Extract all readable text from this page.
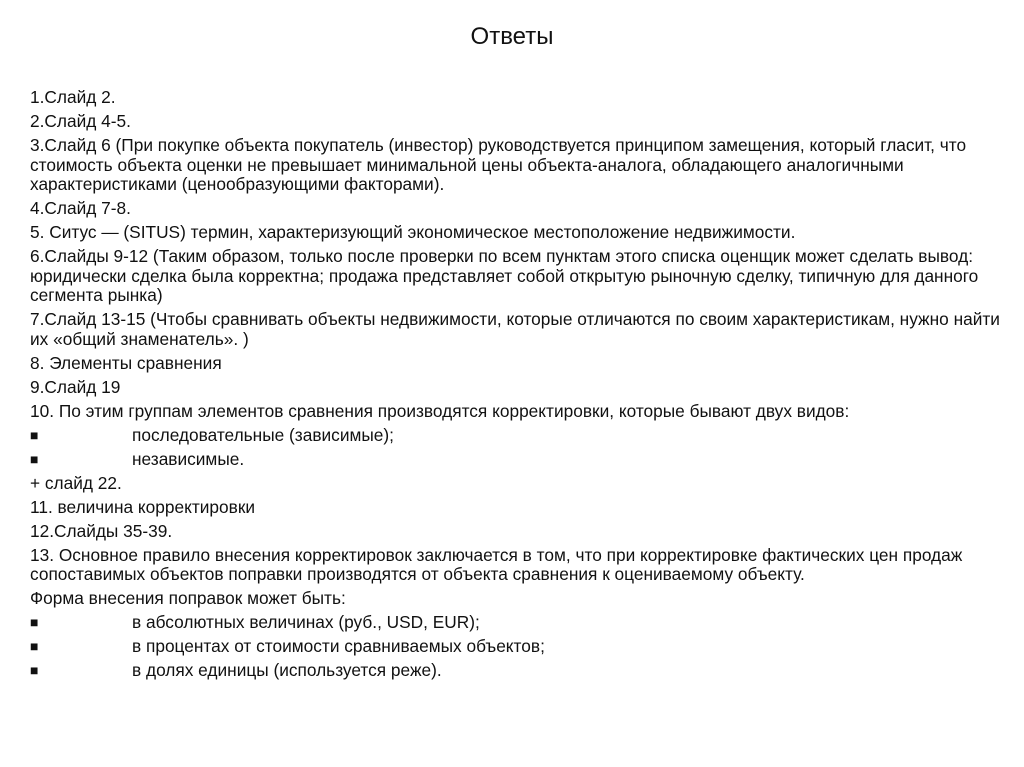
Ответы
1.Слайд 2.
2.Слайд 4-5.
3.Слайд 6 (При покупке объекта покупатель (инвестор) руководствуется принципом замещения, который гласит, что стоимость объекта оценки не превышает минимальной цены объекта-аналога, обладающего аналогичными характеристиками (ценообразующими факторами).
4.Слайд 7-8.
5. Ситус — (SITUS) термин, характеризующий экономическое местоположение недвижимости.
6.Слайды 9-12 (Таким образом, только после проверки по всем пунктам этого списка оценщик может сделать вывод: юридически сделка была корректна; продажа представляет собой открытую рыночную сделку, типичную для данного сегмента рынка)
7.Слайд 13-15 (Чтобы сравнивать объекты недвижимости, которые отличаются по своим характеристикам, нужно найти их «общий знаменатель». )
8. Элементы сравнения
9.Слайд 19
10. По этим группам элементов сравнения производятся корректировки, которые бывают двух видов:
■	последовательные (зависимые);
■	независимые.
+ слайд 22.
11. величина корректировки
12.Слайды 35-39.
13. Основное правило внесения корректировок заключается в том, что при корректировке фактических цен продаж сопоставимых объектов поправки производятся от объекта сравнения к оцениваемому объекту.
Форма внесения поправок может быть:
■	в абсолютных величинах (руб., USD, EUR);
■	в процентах от стоимости сравниваемых объектов;
■	в долях единицы (используется реже).
